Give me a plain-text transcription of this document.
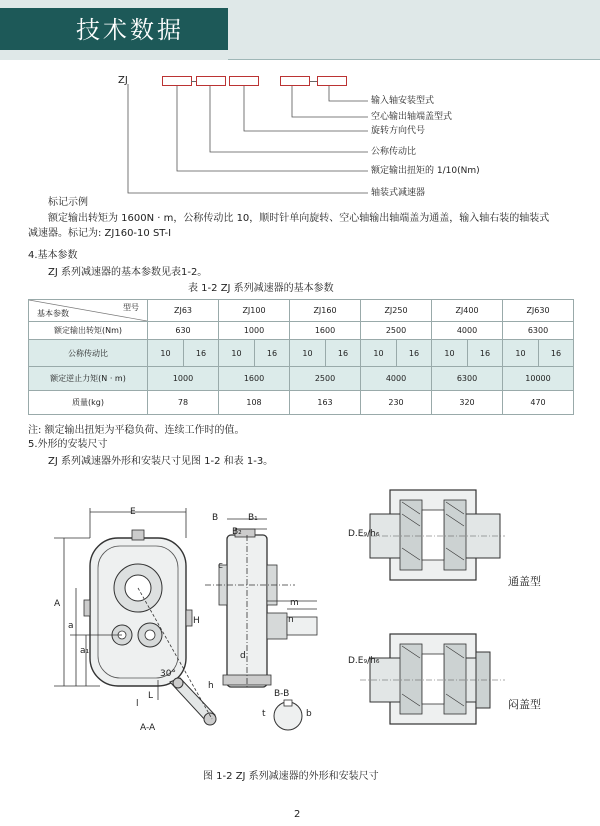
技术数据
ZJ
输入轴安装型式
空心输出轴端盖型式
旋转方向代号
公称传动比
额定输出扭矩的 1/10(Nm)
轴装式减速器
标记示例
额定输出转矩为 1600N · m，公称传动比 10，顺时针单向旋转、空心轴输出轴端盖为通盖，输入轴右装的轴装式
减速器。标记为: ZJ160-10 ST-I
4.基本参数
ZJ 系列减速器的基本参数见表1-2。
表 1-2 ZJ 系列减速器的基本参数
型号
基本参数	ZJ63		ZJ100		ZJ160		ZJ250		ZJ400		ZJ630	
额定输出转矩(Nm)	630		1000		1600		2500		4000		6300	
公称传动比	10	16	10	16	10	16	10	16	10	16	10	16
额定逆止力矩(N · m)	1000		1600		2500		4000		6300		10000	
质量(kg)	78		108		163		230		320		470	
注: 额定输出扭矩为平稳负荷、连续工作时的值。
5.外形的安装尺寸
ZJ 系列减速器外形和安装尺寸见图 1-2 和表 1-3。
E
A
a
a₁
H
30°
L
l
h
A-A
B	B₁
B₂
m
n
c
B-B
t	b
d
D.E₉/h₆
D.E₉/h₆
通盖型
闷盖型
图 1-2 ZJ 系列减速器的外形和安装尺寸
2
